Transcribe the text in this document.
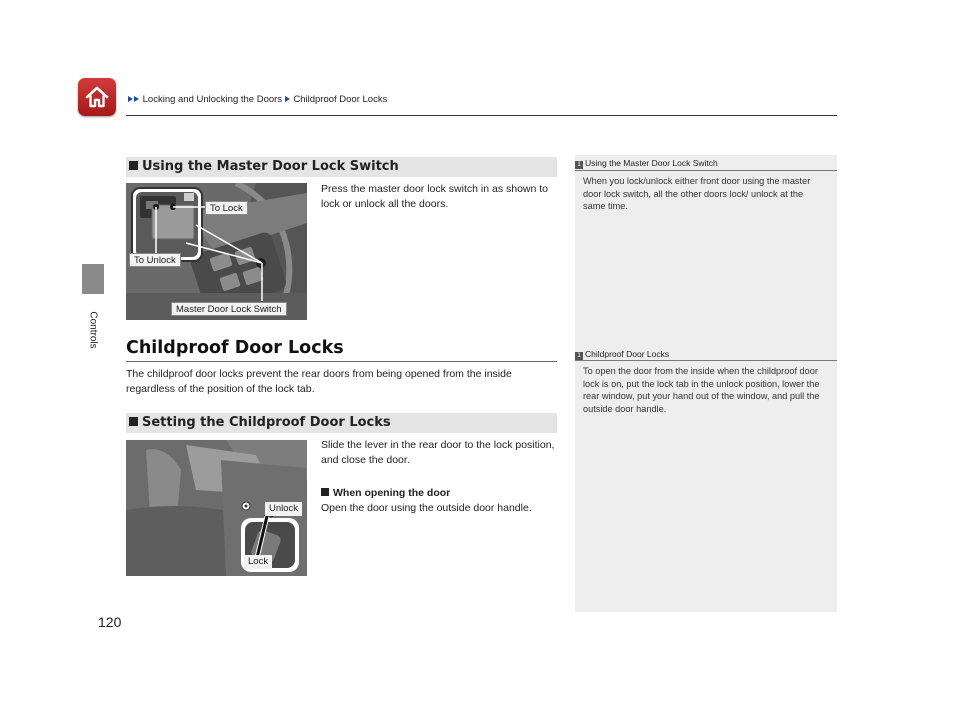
Locking and Unlocking the Doors Childproof Door Locks
Controls
Using the Master Door Lock Switch
To Lock
To Unlock
Master Door Lock Switch
Press the master door lock switch in as shown to lock or unlock all the doors.
Childproof Door Locks
The childproof door locks prevent the rear doors from being opened from the inside regardless of the position of the lock tab.
Setting the Childproof Door Locks
Unlock
Lock
Slide the lever in the rear door to the lock position, and close the door.
When opening the door
Open the door using the outside door handle.
1 Using the Master Door Lock Switch
When you lock/unlock either front door using the master door lock switch, all the other doors lock/ unlock at the same time.
1 Childproof Door Locks
To open the door from the inside when the childproof door lock is on, put the lock tab in the unlock position, lower the rear window, put your hand out of the window, and pull the outside door handle.
120
